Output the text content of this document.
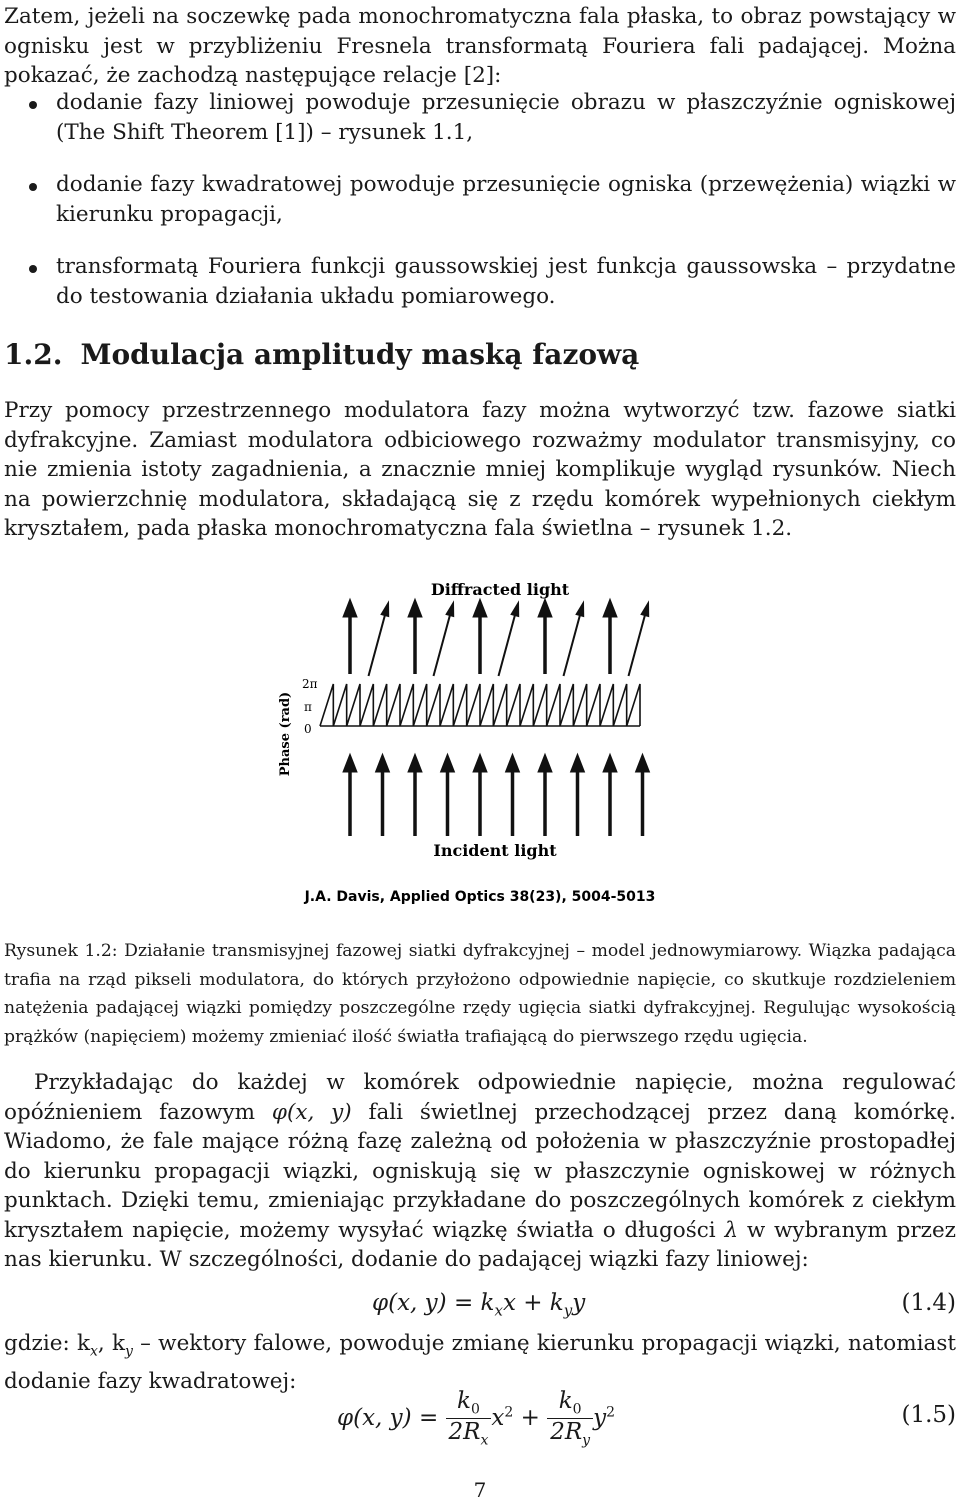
Zatem, jeżeli na soczewkę pada monochromatyczna fala płaska, to obraz powstający w ognisku jest w przybliżeniu Fresnela transformatą Fouriera fali padającej. Można pokazać, że zachodzą następujące relacje [2]:
dodanie fazy liniowej powoduje przesunięcie obrazu w płaszczyźnie ogniskowej (The Shift Theorem [1]) – rysunek 1.1,
dodanie fazy kwadratowej powoduje przesunięcie ogniska (przewężenia) wiązki w kierunku propagacji,
transformatą Fouriera funkcji gaussowskiej jest funkcja gaussowska – przydatne do testowania działania układu pomiarowego.
1.2. Modulacja amplitudy maską fazową
Przy pomocy przestrzennego modulatora fazy można wytworzyć tzw. fazowe siatki dyfrakcyjne. Zamiast modulatora odbiciowego rozważmy modulator transmisyjny, co nie zmienia istoty zagadnienia, a znacznie mniej komplikuje wygląd rysunków. Niech na powierzchnię modulatora, składającą się z rzędu komórek wypełnionych ciekłym kryształem, pada płaska monochromatyczna fala świetlna – rysunek 1.2.
Diffracted light
Phase (rad)
2π
π
0
Incident light
J.A. Davis, Applied Optics 38(23), 5004-5013
Rysunek 1.2: Działanie transmisyjnej fazowej siatki dyfrakcyjnej – model jednowymiarowy. Wiązka padająca trafia na rząd pikseli modulatora, do których przyłożono odpowiednie napięcie, co skutkuje rozdzieleniem natężenia padającej wiązki pomiędzy poszczególne rzędy ugięcia siatki dyfrakcyjnej. Regulując wysokością prążków (napięciem) możemy zmieniać ilość światła trafiającą do pierwszego rzędu ugięcia.
Przykładając do każdej w komórek odpowiednie napięcie, można regulować opóźnieniem fazowym φ(x, y) fali świetlnej przechodzącej przez daną komórkę. Wiadomo, że fale mające różną fazę zależną od położenia w płaszczyźnie prostopadłej do kierunku propagacji wiązki, ogniskują się w płaszczynie ogniskowej w różnych punktach. Dzięki temu, zmieniając przykładane do poszczególnych komórek z ciekłym kryształem napięcie, możemy wysyłać wiązkę światła o długości λ w wybranym przez nas kierunku. W szczególności, dodanie do padającej wiązki fazy liniowej:
φ(x, $y) = k_xx + k_yy$	(1.4)
gdzie: $k_x$, $k_y$ – wektory falowe, powoduje zmianę kierunku propagacji wiązki, natomiast dodanie fazy kwadratowej:
φ(x, $y) = \frac{k_0}{2R_x} x^2 + \frac{k_0}{2R_y} y^2$	(1.5)
7
